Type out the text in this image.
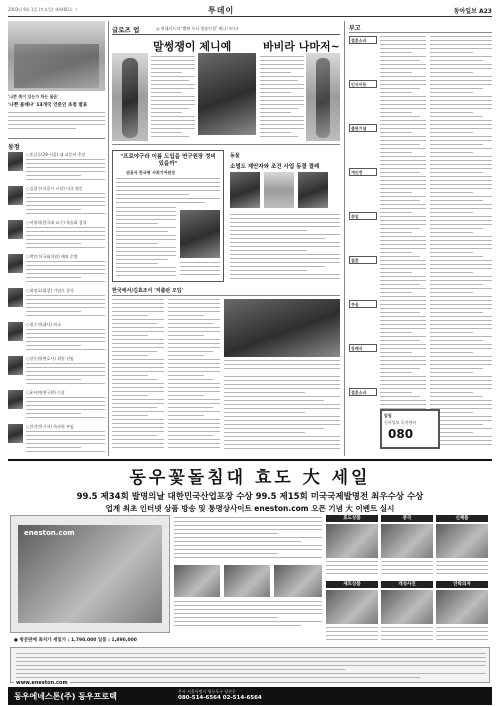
2003년 6월 1일 (토요일) 제4460호 ㄱ	투데이	동아일보 A23
'나쁜 쪽이 있는가 하는 물음'
'나쁜 몸매냐' 13개국 언론인 초청 발표
동정
○홍길동(29·서울) 대 교문의 총장
○김철수(서울시 시장) 미국 방문
○이영희(한국대 교수) 학술회 참석
○박민수(국회의원) 해외 순방
○최정호(회장) 기념식 참석
○정수진(대사) 귀국
○강동원(변호사) 위원 선임
○윤서연(연구원) 수상
○한지민(기자) 특파원 부임
글로즈 업	◎ 현대카드의 '빨판 두나 방송인경' 제니 마이크
말썽쟁이 제니예	바비라 나마저~
"프로야구라 이름 도입을 연구원장 정비 있을까"
권용식 한국형 사회기여원장
한국에서/김효조이 '저출판 모임'
동물
소멸도 제안자와 조건 사업 동결 결레
부고
결혼소식
인사이동
출판기념
개인전
취임
결혼
부음
장례식
결혼소식
알림
동아일보 독자센터
080
동우꽃돌침대 효도 大 세일
99.5 제34회 발명의날 대한민국산업포장 수상 99.5 제15회 미국국제발명전 최우수상 수상
업계 최초 인터넷 상품 방송 및 통명상사이트 eneston.com 오픈 기념 大 이벤트 실시
eneston.com
● 방문판매 최저가 세일가 : 1,790,000 일품 : 1,890,000
효도상품	중국	신제품
세트상품	개성사진	안락의자
동우에네스톤(주) 동우프로텍
본사 서울특별시 영등포구 당산동
080-514-6564 02-514-6564
www.eneston.com
